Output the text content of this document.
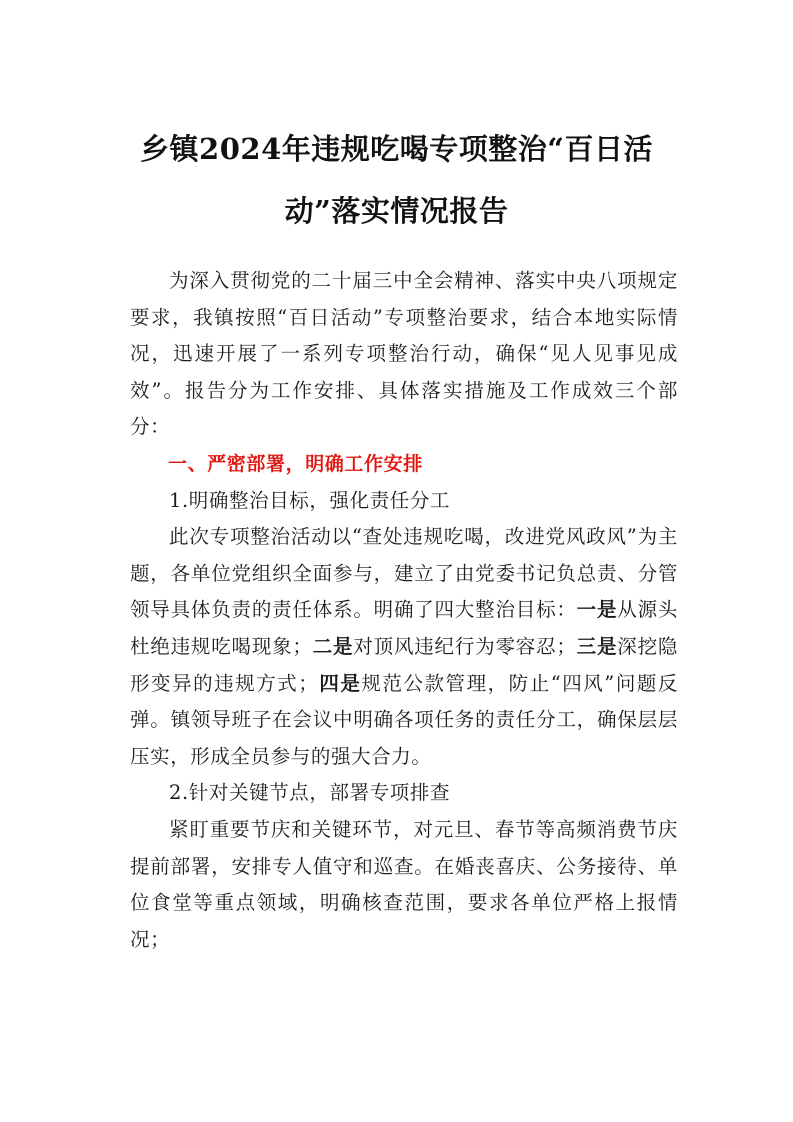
乡镇2024年违规吃喝专项整治“百日活
动”落实情况报告

为深入贯彻党的二十届三中全会精神、落实中央八项规定要求，我镇按照“百日活动”专项整治要求，结合本地实际情况，迅速开展了一系列专项整治行动，确保“见人见事见成效”。报告分为工作安排、具体落实措施及工作成效三个部分：

一、严密部署，明确工作安排

1.明确整治目标，强化责任分工

此次专项整治活动以“查处违规吃喝，改进党风政风”为主题，各单位党组织全面参与，建立了由党委书记负总责、分管领导具体负责的责任体系。明确了四大整治目标：一是从源头杜绝违规吃喝现象；二是对顶风违纪行为零容忍；三是深挖隐形变异的违规方式；四是规范公款管理，防止“四风”问题反弹。镇领导班子在会议中明确各项任务的责任分工，确保层层压实，形成全员参与的强大合力。

2.针对关键节点，部署专项排查

紧盯重要节庆和关键环节，对元旦、春节等高频消费节庆提前部署，安排专人值守和巡查。在婚丧喜庆、公务接待、单位食堂等重点领域，明确核查范围，要求各单位严格上报情况；
